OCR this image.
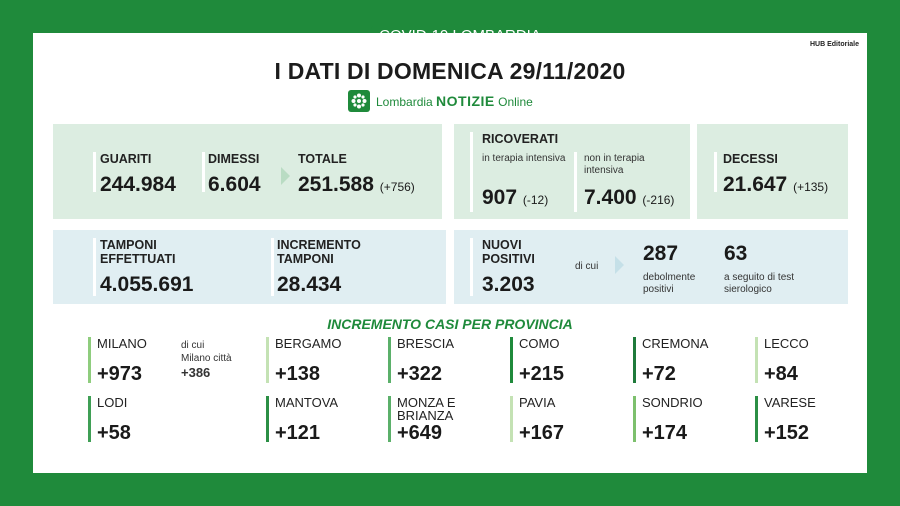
HUB Editoriale
I DATI DI DOMENICA 29/11/2020
Lombardia NOTIZIE Online
GUARITI
244.984
DIMESSI
6.604
TOTALE
251.588 (+756)
RICOVERATI
in terapia intensiva
907 (-12)
non in terapia intensiva
7.400 (-216)
DECESSI
21.647 (+135)
TAMPONI EFFETTUATI
4.055.691
INCREMENTO TAMPONI
28.434
NUOVI POSITIVI
3.203
di cui
287
debolmente positivi
63
a seguito di test sierologico
INCREMENTO CASI PER PROVINCIA
MILANO
+973
di cui
Milano città
+386
BERGAMO
+138
BRESCIA
+322
COMO
+215
CREMONA
+72
LECCO
+84
LODI
+58
MANTOVA
+121
MONZA E BRIANZA
+649
PAVIA
+167
SONDRIO
+174
VARESE
+152
